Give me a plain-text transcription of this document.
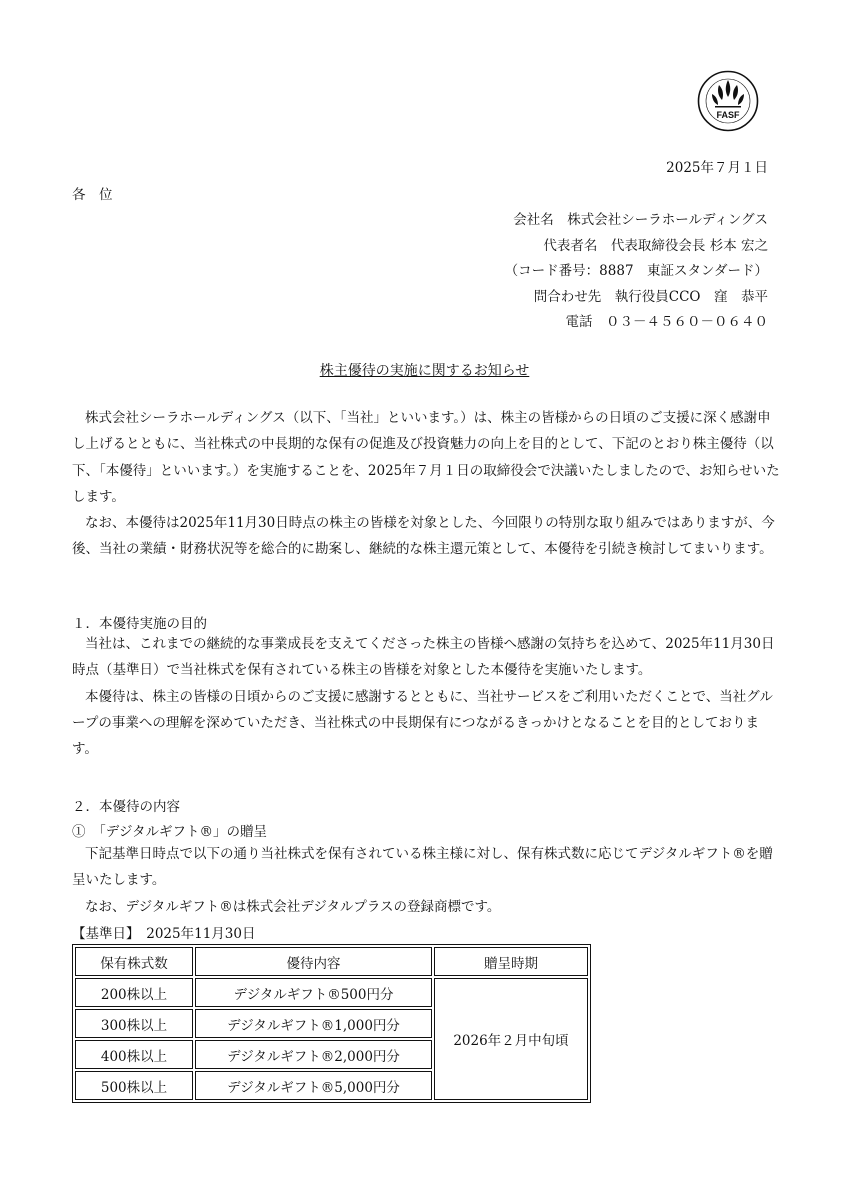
FASF
2025年７月１日
各　位
会社名　株式会社シーラホールディングス
代表者名　代表取締役会長 杉本 宏之
（コード番号：8887　東証スタンダード）
問合わせ先　執行役員CCO　窪　恭平
電話　０３－４５６０－０６４０
株主優待の実施に関するお知らせ

株式会社シーラホールディングス（以下、「当社」といいます。）は、株主の皆様からの日頃のご支援に深く感謝申し上げるとともに、当社株式の中長期的な保有の促進及び投資魅力の向上を目的として、下記のとおり株主優待（以下、「本優待」といいます。）を実施することを、2025年７月１日の取締役会で決議いたしましたので、お知らせいたします。

なお、本優待は2025年11月30日時点の株主の皆様を対象とした、今回限りの特別な取り組みではありますが、今後、当社の業績・財務状況等を総合的に勘案し、継続的な株主還元策として、本優待を引続き検討してまいります。

１．本優待実施の目的

当社は、これまでの継続的な事業成長を支えてくださった株主の皆様へ感謝の気持ちを込めて、2025年11月30日時点（基準日）で当社株式を保有されている株主の皆様を対象とした本優待を実施いたします。

本優待は、株主の皆様の日頃からのご支援に感謝するとともに、当社サービスをご利用いただくことで、当社グループの事業への理解を深めていただき、当社株式の中長期保有につながるきっかけとなることを目的としております。

２．本優待の内容
①　「デジタルギフト®」の贈呈

下記基準日時点で以下の通り当社株式を保有されている株主様に対し、保有株式数に応じてデジタルギフト®を贈呈いたします。

なお、デジタルギフト®は株式会社デジタルプラスの登録商標です。

【基準日】　2025年11月30日
保有株式数	優待内容	贈呈時期
200株以上	デジタルギフト®500円分	2026年２月中旬頃
300株以上	デジタルギフト®1,000円分	
400株以上	デジタルギフト®2,000円分	
500株以上	デジタルギフト®5,000円分	
